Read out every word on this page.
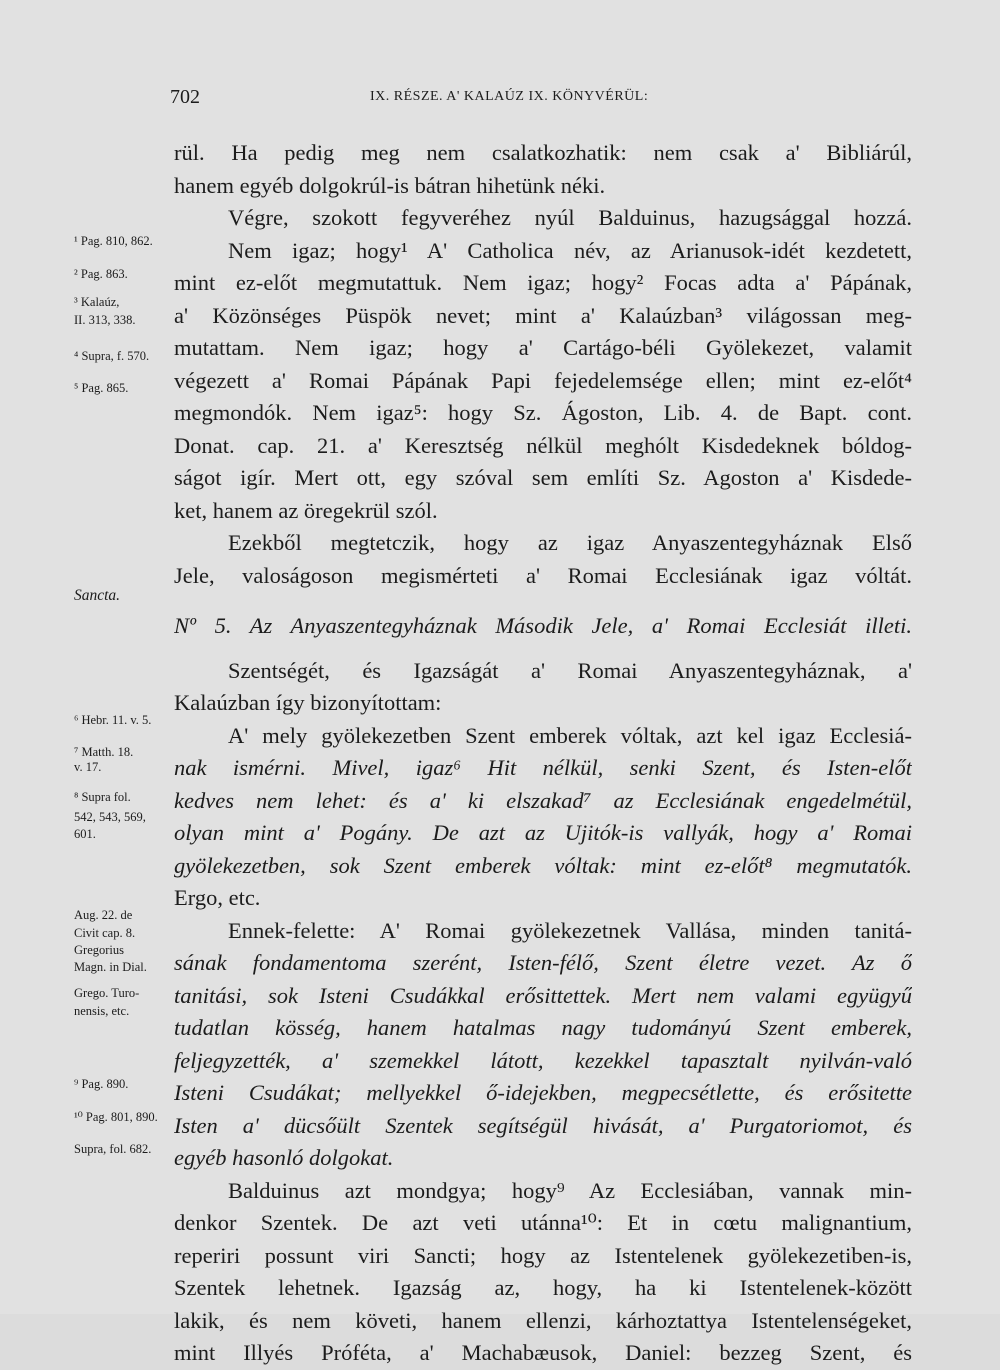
702	IX. RÉSZE. A' KALAÚZ IX. KÖNYVÉRÜL:
¹ Pag. 810, 862.
² Pag. 863.
³ Kalaúz,
II. 313, 338.
⁴ Supra, f. 570.
⁵ Pag. 865.
Sancta.
⁶ Hebr. 11. v. 5.
⁷ Matth. 18.
v. 17.
⁸ Supra fol.
542, 543, 569,
601.
Aug. 22. de
Civit cap. 8.
Gregorius
Magn. in Dial.
Grego. Turo-
nensis, etc.
⁹ Pag. 890.
¹⁰ Pag. 801, 890.
Supra, fol. 682.
rül. Ha pedig meg nem csalatkozhatik: nem csak a' Bibliárúl,
hanem egyéb dolgokrúl-is bátran hihetünk néki.
Végre, szokott fegyveréhez nyúl Balduinus, hazugsággal hozzá.
Nem igaz; hogy¹ A' Catholica név, az Arianusok-idét kezdetett,
mint ez-előt megmutattuk. Nem igaz; hogy² Focas adta a' Pápának,
a' Közönséges Püspök nevet; mint a' Kalaúzban³ világossan meg-
mutattam. Nem igaz; hogy a' Cartágo-béli Gyölekezet, valamit
végezett a' Romai Pápának Papi fejedelemsége ellen; mint ez-előt⁴
megmondók. Nem igaz⁵: hogy Sz. Ágoston, Lib. 4. de Bapt. cont.
Donat. cap. 21. a' Keresztség nélkül meghólt Kisdedeknek bóldog-
ságot igír. Mert ott, egy szóval sem említi Sz. Agoston a' Kisdede-
ket, hanem az öregekrül szól.
Ezekből megtetczik, hogy az igaz Anyaszentegyháznak Első
Jele, valoságoson megismérteti a' Romai Ecclesiának igaz vóltát.
Nº 5. Az Anyaszentegyháznak Második Jele, a' Romai Ecclesiát illeti.
Szentségét, és Igazságát a' Romai Anyaszentegyháznak, a'
Kalaúzban így bizonyítottam:
A' mely gyölekezetben Szent emberek vóltak, azt kel igaz Ecclesiá-
nak ismérni. Mivel, igaz⁶ Hit nélkül, senki Szent, és Isten-előt
kedves nem lehet: és a' ki elszakad⁷ az Ecclesiának engedelmétül,
olyan mint a' Pogány. De azt az Ujitók-is vallyák, hogy a' Romai
gyölekezetben, sok Szent emberek vóltak: mint ez-előt⁸ megmutatók.
Ergo, etc.
Ennek-felette: A' Romai gyölekezetnek Vallása, minden tanitá-
sának fondamentoma szerént, Isten-félő, Szent életre vezet. Az ő
tanitási, sok Isteni Csudákkal erősittettek. Mert nem valami együgyű
tudatlan kösség, hanem hatalmas nagy tudományú Szent emberek,
feljegyzették, a' szemekkel látott, kezekkel tapasztalt nyilván-való
Isteni Csudákat; mellyekkel ő-idejekben, megpecsétlette, és erősitette
Isten a' dücsőült Szentek segítségül hivását, a' Purgatoriomot, és
egyéb hasonló dolgokat.
Balduinus azt mondgya; hogy⁹ Az Ecclesiában, vannak min-
denkor Szentek. De azt veti utánna¹⁰: Et in cœtu malignantium,
reperiri possunt viri Sancti; hogy az Istentelenek gyölekezetiben-is,
Szentek lehetnek. Igazság az, hogy, ha ki Istentelenek-között
lakik, és nem követi, hanem ellenzi, kárhoztattya Istentelenségeket,
mint Illyés Próféta, a' Machabæusok, Daniel: bezzeg Szent, és
